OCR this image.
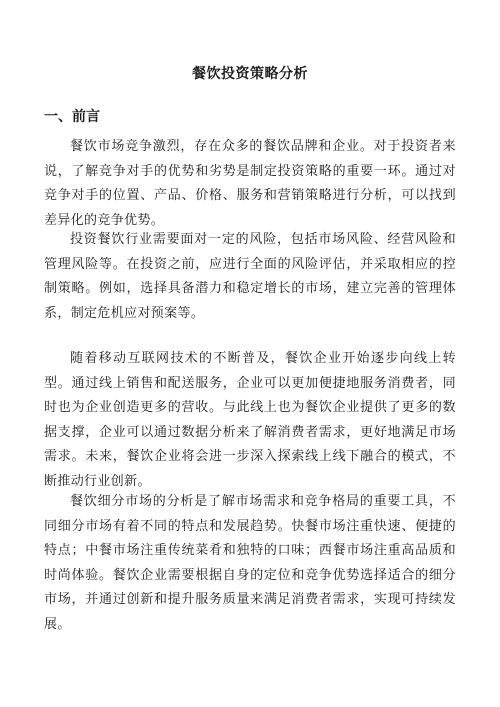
餐饮投资策略分析
一、前言

餐饮市场竞争激烈，存在众多的餐饮品牌和企业。对于投资者来说，了解竞争对手的优势和劣势是制定投资策略的重要一环。通过对竞争对手的位置、产品、价格、服务和营销策略进行分析，可以找到差异化的竞争优势。

投资餐饮行业需要面对一定的风险，包括市场风险、经营风险和管理风险等。在投资之前，应进行全面的风险评估，并采取相应的控制策略。例如，选择具备潜力和稳定增长的市场，建立完善的管理体系，制定危机应对预案等。

随着移动互联网技术的不断普及，餐饮企业开始逐步向线上转型。通过线上销售和配送服务，企业可以更加便捷地服务消费者，同时也为企业创造更多的营收。与此线上也为餐饮企业提供了更多的数据支撑，企业可以通过数据分析来了解消费者需求，更好地满足市场需求。未来，餐饮企业将会进一步深入探索线上线下融合的模式，不断推动行业创新。

餐饮细分市场的分析是了解市场需求和竞争格局的重要工具，不同细分市场有着不同的特点和发展趋势。快餐市场注重快速、便捷的特点；中餐市场注重传统菜肴和独特的口味；西餐市场注重高品质和时尚体验。餐饮企业需要根据自身的定位和竞争优势选择适合的细分市场，并通过创新和提升服务质量来满足消费者需求，实现可持续发展。
